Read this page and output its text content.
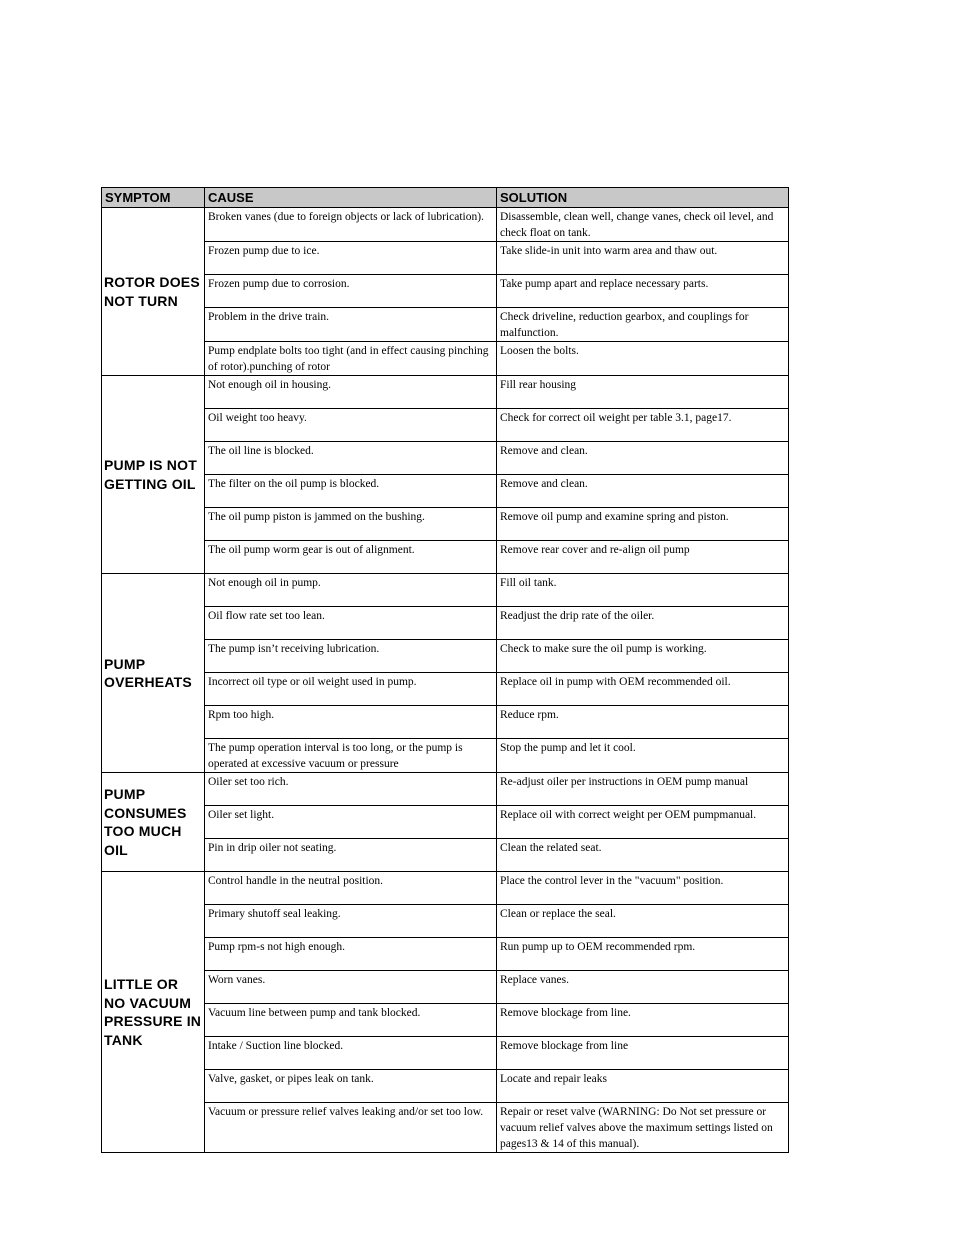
SYMPTOM	CAUSE	SOLUTION
ROTOR DOES NOT TURN	Broken vanes (due to foreign objects or lack of lubrication).	Disassemble, clean well, change vanes, check oil level, and check float on tank.
	Frozen pump due to ice.	Take slide-in unit into warm area and thaw out.
	Frozen pump due to corrosion.	Take pump apart and replace necessary parts.
	Problem in the drive train.	Check driveline, reduction gearbox, and couplings for malfunction.
	Pump endplate bolts too tight (and in effect causing pinching of rotor).punching of rotor	Loosen the bolts.
PUMP IS NOT GETTING OIL	Not enough oil in housing.	Fill rear housing
	Oil weight too heavy.	Check for correct oil weight per table 3.1, page17.
	The oil line is blocked.	Remove and clean.
	The filter on the oil pump is blocked.	Remove and clean.
	The oil pump piston is jammed on the bushing.	Remove oil pump and examine spring and piston.
	The oil pump worm gear is out of alignment.	Remove rear cover and re-align oil pump
PUMP OVERHEATS	Not enough oil in pump.	Fill oil tank.
	Oil flow rate set too lean.	Readjust the drip rate of the oiler.
	The pump isn’t receiving lubrication.	Check to make sure the oil pump is working.
	Incorrect oil type or oil weight used in pump.	Replace oil in pump with OEM recommended oil.
	Rpm too high.	Reduce rpm.
	The pump operation interval is too long, or the pump is operated at excessive vacuum or pressure	Stop the pump and let it cool.
PUMP CONSUMES TOO MUCH OIL	Oiler set too rich.	Re-adjust oiler per instructions in OEM pump manual
	Oiler set light.	Replace oil with correct weight per OEM pumpmanual.
	Pin in drip oiler not seating.	Clean the related seat.
LITTLE OR NO VACUUM PRESSURE IN TANK	Control handle in the neutral position.	Place the control lever in the "vacuum" position.
	Primary shutoff seal leaking.	Clean or replace the seal.
	Pump rpm-s not high enough.	Run pump up to OEM recommended rpm.
	Worn vanes.	Replace vanes.
	Vacuum line between pump and tank blocked.	Remove blockage from line.
	Intake / Suction line blocked.	Remove blockage from line
	Valve, gasket, or pipes leak on tank.	Locate and repair leaks
	Vacuum or pressure relief valves leaking and/or set too low.	Repair or reset valve (WARNING: Do Not set pressure or vacuum relief valves above the maximum settings listed on pages13 & 14 of this manual).
